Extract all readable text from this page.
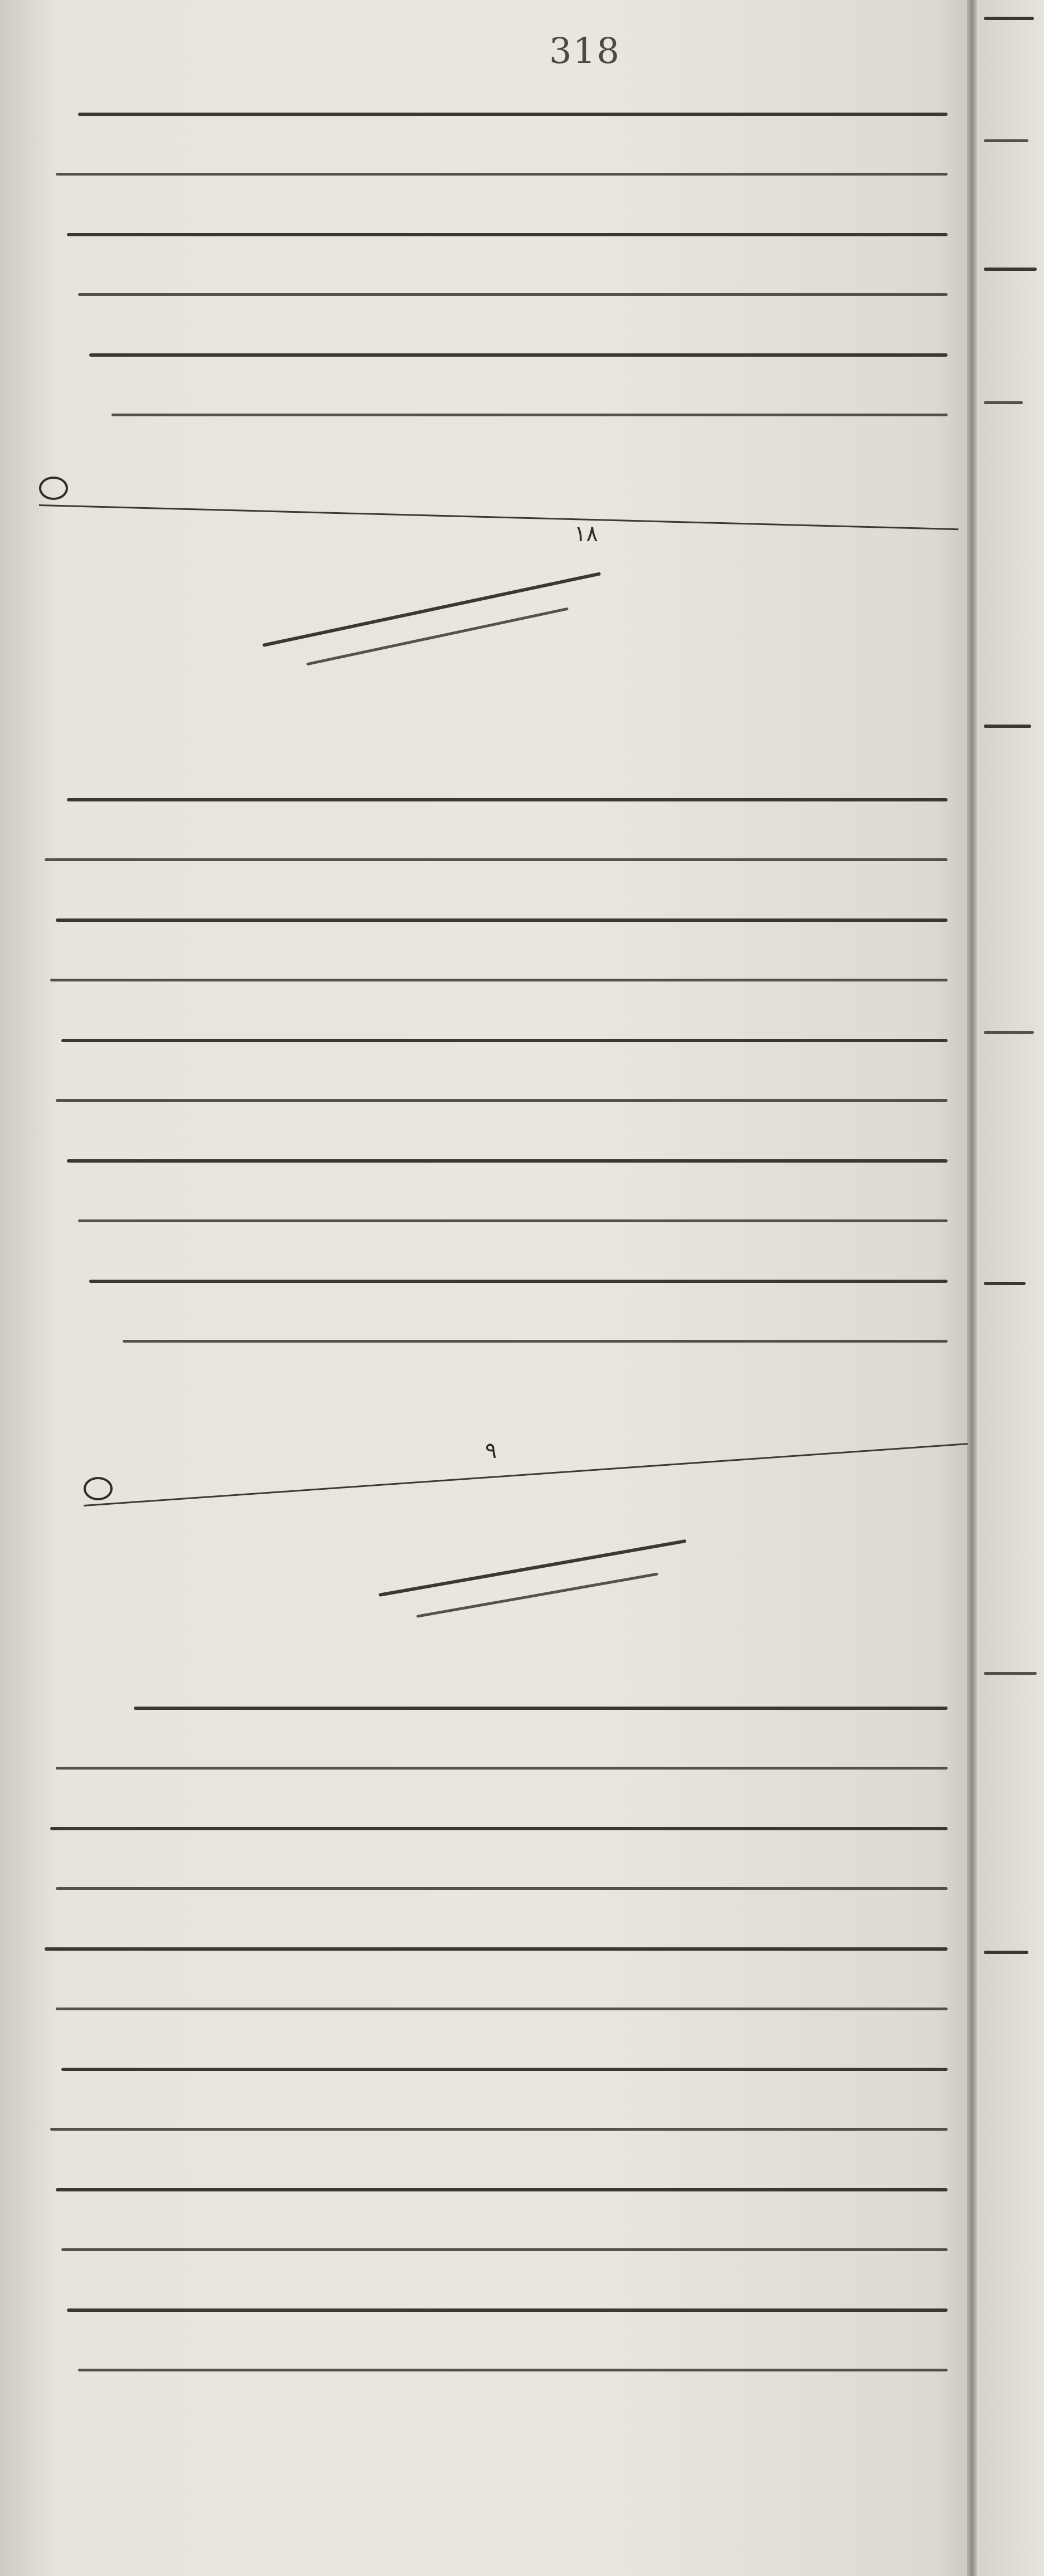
318
١٨

٩
